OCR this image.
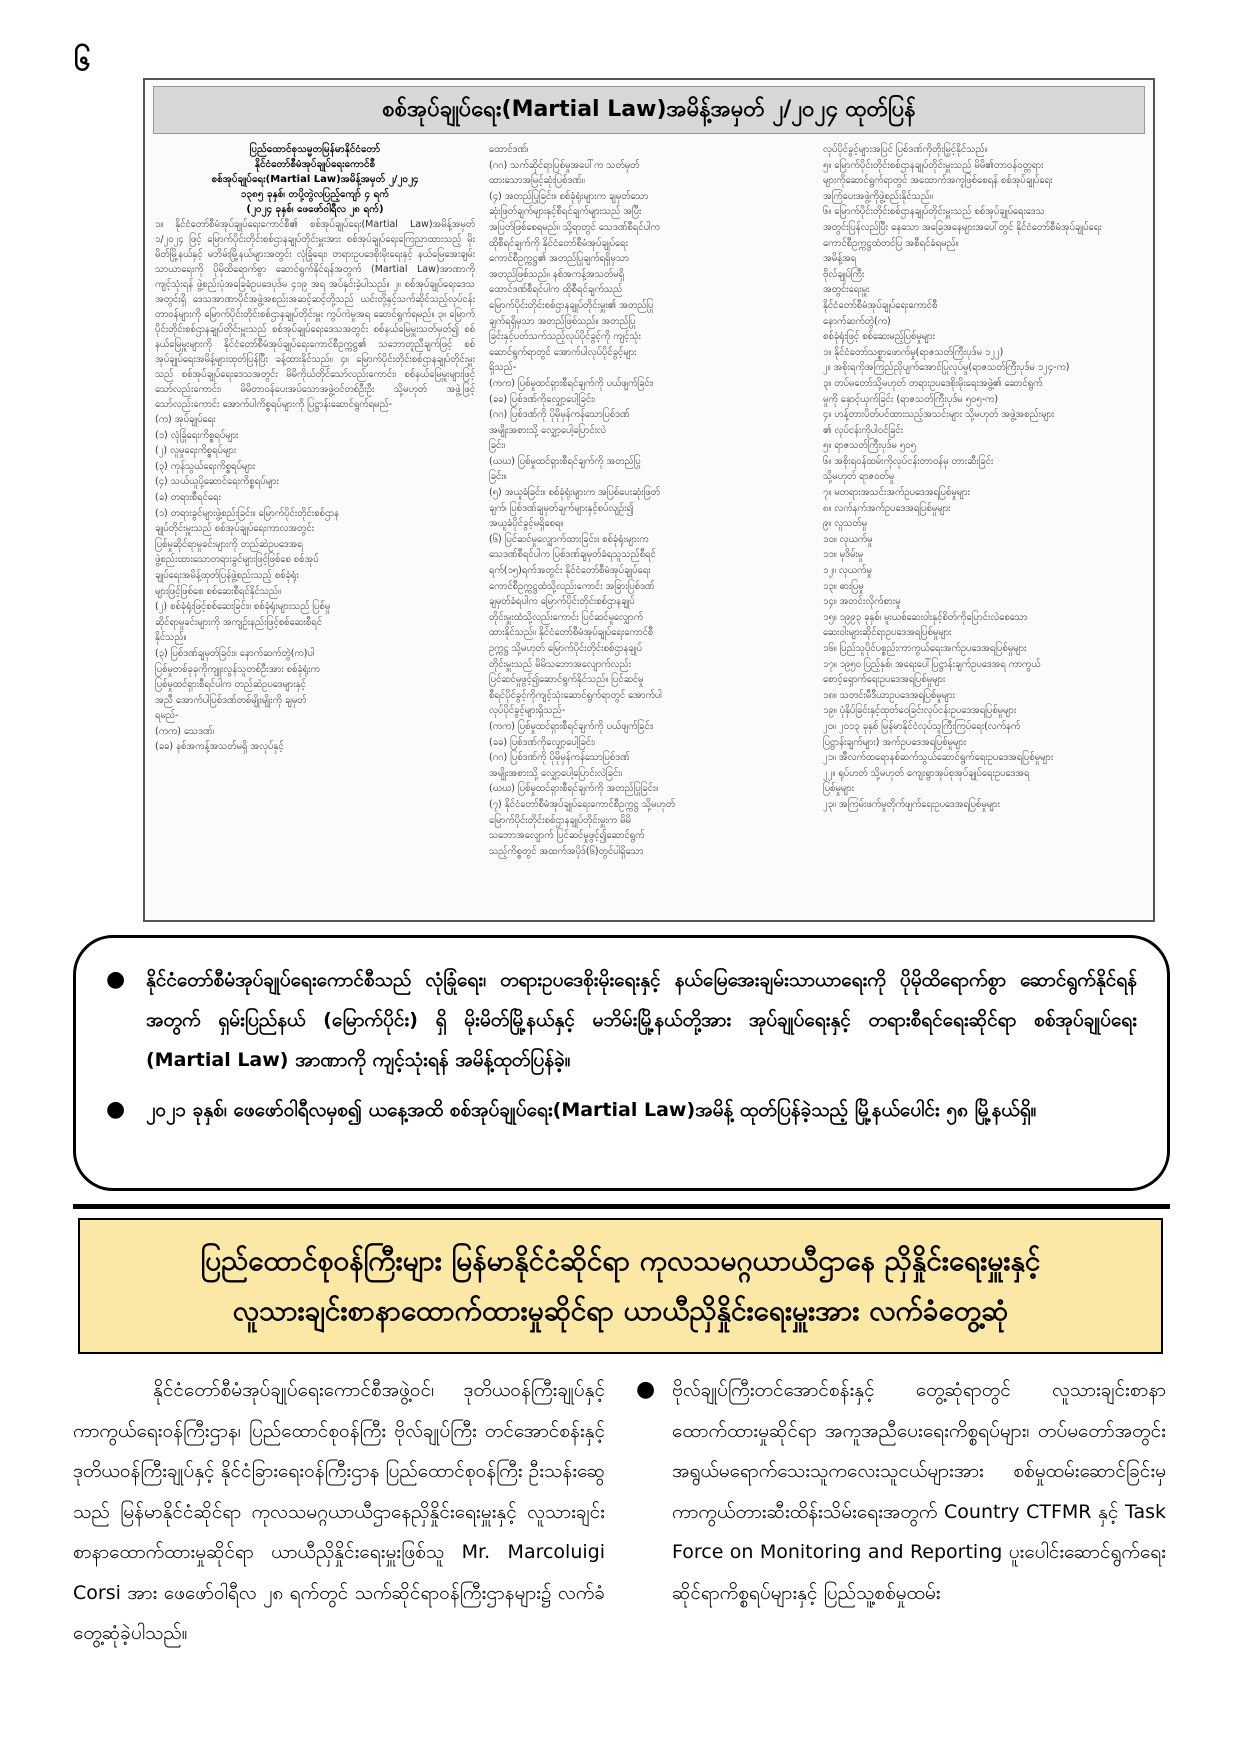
၆
စစ်အုပ်ချုပ်ရေး(Martial Law)အမိန့်အမှတ် ၂/၂၀၂၄ ထုတ်ပြန်
ပြည်ထောင်စုသမ္မတမြန်မာနိုင်ငံတော်
နိုင်ငံတော်စီမံအုပ်ချုပ်ရေးကောင်စီ
စစ်အုပ်ချုပ်ရေး(Martial Law)အမိန့်အမှတ် ၂/၂၀၂၄
၁၃၈၅ ခုနှစ်၊ တပို့တွဲလပြည့်ကျော် ၄ ရက်
(၂၀၂၄ ခုနှစ်၊ ဖေဖော်ဝါရီလ ၂၈ ရက်)
၁။ နိုင်ငံတော်စီမံအုပ်ချုပ်ရေးကောင်စီ၏ စစ်အုပ်ချုပ်ရေး(Martial Law)အမိန့်အမှတ် ၁/၂၀၂၄ ဖြင့် မြောက်ပိုင်းတိုင်းစစ်ဌာနချုပ်တိုင်းမှူးအား စစ်အုပ်ချုပ်ရေးကြေညာထားသည့် မိုးမိတ်မြို့နယ်နှင့် မဘိမ်းမြို့နယ်များအတွင်း လုံခြုံရေး၊ တရားဥပဒေစိုးမိုးရေးနှင့် နယ်မြေအေးချမ်းသာယာရေးကို ပိုမိုထိရောက်စွာ ဆောင်ရွက်နိုင်ရန်အတွက် (Martial Law)အာဏာကိုကျင့်သုံးရန် ဖွဲ့စည်းပုံအခြေခံဥပဒေပုဒ်မ ၄၁၉ အရ အပ်နှင်းခဲ့ပါသည်။ ၂။ စစ်အုပ်ချုပ်ရေးဒေသအတွင်းရှိ ဒေသအာဏာပိုင်အဖွဲ့အစည်းအဆင့်ဆင့်တို့သည် ယင်းတို့နှင့်သက်ဆိုင်သည့်လုပ်ငန်းတာဝန်များကို မြောက်ပိုင်းတိုင်းစစ်ဌာနချုပ်တိုင်းမှူး ကွပ်ကဲမှုအရ ဆောင်ရွက်ရမည်။ ၃။ မြောက်ပိုင်းတိုင်းစစ်ဌာနချုပ်တိုင်းမှူးသည် စစ်အုပ်ချုပ်ရေးဒေသအတွင်း စစ်နယ်မြေမှူးသတ်မှတ်၍ စစ်နယ်မြေမှူးများကို နိုင်ငံတော်စီမံအုပ်ချုပ်ရေးကောင်စီဥက္ကဋ္ဌ၏ သဘောတူညီချက်ဖြင့် စစ်အုပ်ချုပ်ရေးအမိန့်များထုတ်ပြန်ပြီး ခန့်ထားနိုင်သည်။ ၄။ မြောက်ပိုင်းတိုင်းစစ်ဌာနချုပ်တိုင်းမှူးသည် စစ်အုပ်ချုပ်ရေးဒေသအတွင်း မိမိကိုယ်တိုင်သော်လည်းကောင်း၊ စစ်နယ်မြေမှူးများဖြင့်သော်လည်းကောင်း၊ မိမိတာဝန်ပေးအပ်သောအဖွဲ့ဝင်တစ်ဦးဦး သို့မဟုတ် အဖွဲ့ဖြင့်သော်လည်းကောင်း အောက်ပါကိစ္စရပ်များကို ပြဋ္ဌာန်းဆောင်ရွက်ရမည်-
(က) အုပ်ချုပ်ရေး
(၁) လုံခြုံရေးကိစ္စရပ်များ
(၂) လူမှုရေးကိစ္စရပ်များ
(၃) ကုန်သွယ်ရေးကိစ္စရပ်များ
(၄) သယ်ယူပို့ဆောင်ရေးကိစ္စရပ်များ
(ခ) တရားစီရင်ရေး
(၁) တရားခွင်များဖွဲ့စည်းခြင်း။ မြောက်ပိုင်းတိုင်းစစ်ဌာန
ချုပ်တိုင်းမှူးသည် စစ်အုပ်ချုပ်ရေးကာလအတွင်း
ပြစ်မှုဆိုင်ရာမှုခင်းများကို တည်ဆဲဥပဒေအရ
ဖွဲ့စည်းထားသောတရားခွင်များဖြင့်ဖြစ်စေ စစ်အုပ်
ချုပ်ရေးအမိန့်ထုတ်ပြန်ဖွဲ့စည်းသည့် စစ်ခုံရုံး
များဖြင့်ဖြစ်စေ စစ်ဆေးစီရင်နိုင်သည်။
(၂) စစ်ခုံရုံးဖြင့်စစ်ဆေးခြင်း။ စစ်ခုံရုံးများသည် ပြစ်မှု
ဆိုင်ရာမှုခင်းများကို အကျဉ်းနည်းဖြင့်စစ်ဆေးစီရင်
နိုင်သည်။
(၃) ပြစ်ဒဏ်ချမှတ်ခြင်း။ နောက်ဆက်တွဲ(က)ပါ
ပြစ်မှုတစ်ခုခုကိုကျူးလွန်သူတစ်ဦးအား စစ်ခုံရုံးက
ပြစ်မှုထင်ရှားစီရင်ပါက တည်ဆဲဥပဒေများနှင့်
အညီ အောက်ပါပြစ်ဒဏ်တစ်မျိုးမျိုးကို ချမှတ်
ရမည်-
(ကက) သေဒဏ်၊
(ခခ) နစ်အကန့်အသတ်မရှိ အလုပ်နှင့်
ထောင်ဒဏ်၊
(ဂဂ) သက်ဆိုင်ရာပြစ်မှုအပေါ်က သတ်မှတ်
ထားသောအမြင့်ဆုံးပြစ်ဒဏ်။
(၄) အတည်ပြုခြင်း။ စစ်ခုံရုံးများက ချမှတ်သော
ဆုံးဖြတ်ချက်များနှင့်စီရင်ချက်များသည် အပြီး
အပြတ်ဖြစ်စေရမည်။ သို့ရာတွင် သေဒဏ်စီရင်ပါက
ထိုစီရင်ချက်ကို နိုင်ငံတော်စီမံအုပ်ချုပ်ရေး
ကောင်စီဥက္ကဋ္ဌ၏ အတည်ပြုချက်ရရှိမှသာ
အတည်ဖြစ်သည်။ နစ်အကန့်အသတ်မရှိ
ထောင်ဒဏ်စီရင်ပါက ထိုစီရင်ချက်သည်
မြောက်ပိုင်းတိုင်းစစ်ဌာနချုပ်တိုင်းမှူး၏ အတည်ပြု
ချက်ရရှိမှသာ အတည်ဖြစ်သည်။ အတည်ပြု
ခြင်းနှင့်ပတ်သက်သည့်လုပ်ပိုင်ခွင့်ကို ကျင့်သုံး
ဆောင်ရွက်ရာတွင် အောက်ပါလုပ်ပိုင်ခွင့်များ
ရှိသည်-
(ကက) ပြစ်မှုထင်ရှားစီရင်ချက်ကို ပယ်ဖျက်ခြင်း၊
(ခခ) ပြစ်ဒဏ်ကိုလျှော့ပေါ့ခြင်း၊
(ဂဂ) ပြစ်ဒဏ်ကို ပိုမိုမှန်ကန်သောပြစ်ဒဏ်
အမျိုးအစားသို့ လျှော့ပေါ့ပြောင်းလဲ
ခြင်း၊
(ဃဃ) ပြစ်မှုထင်ရှားစီရင်ချက်ကို အတည်ပြု
ခြင်း။
(၅) အယူခံခြင်း။ စစ်ခုံရုံးများက အပြစ်ပေးဆုံးဖြတ်
ချက်၊ ပြစ်ဒဏ်ချမှတ်ချက်များနှင့်စပ်လျဉ်း၍
အယူခံပိုင်ခွင့်မရှိစေရ။
(၆) ပြင်ဆင်မှုလျှောက်ထားခြင်း။ စစ်ခုံရုံးများက
သေဒဏ်စီရင်ပါက ပြစ်ဒဏ်ချမှတ်ခံရသူသည်စီရင်
ရက်(၁၅)ရက်အတွင်း နိုင်ငံတော်စီမံအုပ်ချုပ်ရေး
ကောင်စီဥက္ကဋ္ဌထံသို့လည်းကောင်း အခြားပြစ်ဒဏ်
ချမှတ်ခံရပါက မြောက်ပိုင်းတိုင်းစစ်ဌာနချုပ်
တိုင်းမှူးထံသို့လည်းကောင်း ပြင်ဆင်မှုလျှောက်
ထားနိုင်သည်။ နိုင်ငံတော်စီမံအုပ်ချုပ်ရေးကောင်စီ
ဥက္ကဋ္ဌ သို့မဟုတ် မြောက်ပိုင်းတိုင်းစစ်ဌာနချုပ်
တိုင်းမှူးသည် မိမိသဘောအလျောက်လည်း
ပြင်ဆင်မှုဖွင့်၍ဆောင်ရွက်နိုင်သည်။ ပြင်ဆင်မှု
စီရင်ပိုင်ခွင့်ကိုကျင့်သုံးဆောင်ရွက်ရာတွင် အောက်ပါ
လုပ်ပိုင်ခွင့်များရှိသည်-
(ကက) ပြစ်မှုထင်ရှားစီရင်ချက်ကို ပယ်ဖျက်ခြင်း၊
(ခခ) ပြစ်ဒဏ်ကိုလျှော့ပေါ့ခြင်း၊
(ဂဂ) ပြစ်ဒဏ်ကို ပိုမိုမှန်ကန်သောပြစ်ဒဏ်
အမျိုးအစားသို့ လျှော့ပေါ့ပြောင်းလဲခြင်း၊
(ဃဃ) ပြစ်မှုထင်ရှားစီရင်ချက်ကို အတည်ပြုခြင်း။
(၇) နိုင်ငံတော်စီမံအုပ်ချုပ်ရေးကောင်စီဥက္ကဋ္ဌ သို့မဟုတ်
မြောက်ပိုင်းတိုင်းစစ်ဌာနချုပ်တိုင်းမှူးက မိမိ
သဘောအလျောက် ပြင်ဆင်မှုဖွင့်၍ဆောင်ရွက်
သည့်ကိစ္စတွင် အထက်အပိုဒ်(၆)တွင်ပါရှိသော
လုပ်ပိုင်ခွင့်များအပြင် ပြစ်ဒဏ်ကိုတိုးမြှင့်နိုင်သည်။
၅။ မြောက်ပိုင်းတိုင်းစစ်ဌာနချုပ်တိုင်းမှူးသည် မိမိ၏တာဝန်ဝတ္တရား
များကိုဆောင်ရွက်ရာတွင် အထောက်အကူဖြစ်စေရန် စစ်အုပ်ချုပ်ရေး
အကြံပေးအဖွဲ့ကိုဖွဲ့စည်းနိုင်သည်။
၆။ မြောက်ပိုင်းတိုင်းစစ်ဌာနချုပ်တိုင်းမှူးသည် စစ်အုပ်ချုပ်ရေးဒေသ
အတွင်းပြန်လည်ပြီး နေသော အခြေအနေများအပေါ်တွင် နိုင်ငံတော်စီမံအုပ်ချုပ်ရေး
ကောင်စီဥက္ကဋ္ဌထံတင်ပြ အစီရင်ခံရမည်။
အမိန့်အရ
ဗိုလ်ချုပ်ကြီး
အတွင်းရေးမှူး
နိုင်ငံတော်စီမံအုပ်ချုပ်ရေးကောင်စီ
နောက်ဆက်တွဲ(က)
စစ်ခုံရုံးဖြင့် စစ်ဆေးမည့်ပြစ်မှုများ
၁။ နိုင်ငံတော်သစ္စာဖောက်မှု(ရာဇသတ်ကြီးပုဒ်မ ၁၂၂)
၂။ အစိုးရကိုအကြည်ညိုပျက်အောင်ပြုလုပ်မှု(ရာဇသတ်ကြီးပုဒ်မ ၁၂၄-က)
၃။ တပ်မတော်သို့မဟုတ် တရားဥပဒေစိုးမိုးရေးအဖွဲ့၏ ဆောင်ရွက်
မှုကို နှောင့်ယှက်ခြင်း (ရာဇသတ်ကြီးပုဒ်မ ၅၀၅-က)
၄။ ဟန့်တားပိတ်ပင်ထားသည့်အသင်းများ သို့မဟုတ် အဖွဲ့အစည်းများ
၏ လုပ်ငန်းကိုပါဝင်ခြင်း
၅။ ရာဇသတ်ကြီးပုဒ်မ ၅၀၅
၆။ အစိုးရဝန်ထမ်းကိုလုပ်ငန်းတာဝန်မှ တားဆီးခြင်း
သို့မဟုတ် ရာဇဝတ်မှု
၇။ မတရားအသင်းအက်ဥပဒေအရပြစ်မှုများ
၈။ လက်နက်အက်ဥပဒေအရပြစ်မှုများ
၉။ လူသတ်မှု
၁၀။ လုယက်မှု
၁၁။ မုဒိမ်းမှု
၁၂။ လုယက်မှု
၁၃။ ဓားပြမှု
၁၄။ အတင်းလိုက်စားမှု
၁၅။ ၁၉၉၃ ခုနှစ်၊ မူးယစ်ဆေးဝါးနှင့်စိတ်ကိုပြောင်းလဲစေသော
ဆေးဝါးများဆိုင်ရာဥပဒေအရပြစ်မှုများ
၁၆။ ပြည်သူပိုင်ပစ္စည်းကာကွယ်ရေးအက်ဥပဒေအရပြစ်မှုများ
၁၇။ ၁၉၅၀ ပြည့်နှစ်၊ အရေးပေါ်ပြဋ္ဌာန်းချက်ဥပဒေအရ ကာကွယ်
စောင့်ရှောက်ရေးဥပဒေအရပြစ်မှုများ
၁၈။ သတင်းမီဒီယာဥပဒေအရပြစ်မှုများ
၁၉။ ပုံနှိပ်ခြင်းနှင့်ထုတ်ဝေခြင်းလုပ်ငန်းဥပဒေအရပြစ်မှုများ
၂၀။ ၂၀၁၃ ခုနှစ် မြန်မာနိုင်ငံလုပ်သူကြီးကြပ်ရေး(လက်နက်
ပြဋ္ဌာန်းချက်များ) အက်ဥပဒေအရပြစ်မှုများ
၂၁။ အီလက်ထရောနစ်ဆက်သွယ်ဆောင်ရွက်ရေးဥပဒေအရပြစ်မှုများ
၂၂။ ရုပ်ဟတ် သို့မဟုတ် ကျေးရွာအုပ်စုအုပ်ချုပ်ရေးဥပဒေအရ
ပြစ်မှုများ
၂၃။ အကြမ်းဖက်မှုတိုက်ဖျက်ရေးဥပဒေအရပြစ်မှုများ
● နိုင်ငံတော်စီမံအုပ်ချုပ်ရေးကောင်စီသည် လုံခြုံရေး၊ တရားဥပဒေစိုးမိုးရေးနှင့် နယ်မြေအေးချမ်းသာယာရေးကို ပိုမိုထိရောက်စွာ ဆောင်ရွက်နိုင်ရန်အတွက် ရှမ်းပြည်နယ် (မြောက်ပိုင်း) ရှိ မိုးမိတ်မြို့နယ်နှင့် မဘိမ်းမြို့နယ်တို့အား အုပ်ချုပ်ရေးနှင့် တရားစီရင်ရေးဆိုင်ရာ စစ်အုပ်ချုပ်ရေး (Martial Law) အာဏာကို ကျင့်သုံးရန် အမိန့်ထုတ်ပြန်ခဲ့။
● ၂၀၂၁ ခုနှစ်၊ ဖေဖော်ဝါရီလမှစ၍ ယနေ့အထိ စစ်အုပ်ချုပ်ရေး(Martial Law)အမိန့် ထုတ်ပြန်ခဲ့သည့် မြို့နယ်ပေါင်း ၅၈ မြို့နယ်ရှိ။
ပြည်ထောင်စုဝန်ကြီးများ မြန်မာနိုင်ငံဆိုင်ရာ ကုလသမဂ္ဂယာယီဌာနေ ညှိနှိုင်းရေးမှူးနှင့်
လူသားချင်းစာနာထောက်ထားမှုဆိုင်ရာ ယာယီညှိနှိုင်းရေးမှူးအား လက်ခံတွေ့ဆုံ
နိုင်ငံတော်စီမံအုပ်ချုပ်ရေးကောင်စီအဖွဲ့ဝင်၊ ဒုတိယဝန်ကြီးချုပ်နှင့် ကာကွယ်ရေးဝန်ကြီးဌာန၊ ပြည်ထောင်စုဝန်ကြီး ဗိုလ်ချုပ်ကြီး တင်အောင်စန်းနှင့် ဒုတိယဝန်ကြီးချုပ်နှင့် နိုင်ငံခြားရေးဝန်ကြီးဌာန ပြည်ထောင်စုဝန်ကြီး ဦးသန်းဆွေသည် မြန်မာနိုင်ငံဆိုင်ရာ ကုလသမဂ္ဂယာယီဌာနေညှိနှိုင်းရေးမှူးနှင့် လူသားချင်းစာနာထောက်ထားမှုဆိုင်ရာ ယာယီညှိနှိုင်းရေးမှူးဖြစ်သူ Mr. Marcoluigi Corsi အား ဖေဖော်ဝါရီလ ၂၈ ရက်တွင် သက်ဆိုင်ရာဝန်ကြီးဌာနများ၌ လက်ခံတွေ့ဆုံခဲ့ပါသည်။
● ဗိုလ်ချုပ်ကြီးတင်အောင်စန်းနှင့် တွေ့ဆုံရာတွင် လူသားချင်းစာနာထောက်ထားမှုဆိုင်ရာ အကူအညီပေးရေးကိစ္စရပ်များ၊ တပ်မတော်အတွင်း အရွယ်မရောက်သေးသူကလေးသူငယ်များအား စစ်မှုထမ်းဆောင်ခြင်းမှ ကာကွယ်တားဆီးထိန်းသိမ်းရေးအတွက် Country CTFMR နှင့် Task Force on Monitoring and Reporting ပူးပေါင်းဆောင်ရွက်ရေးဆိုင်ရာကိစ္စရပ်များနှင့် ပြည်သူ့စစ်မှုထမ်း
